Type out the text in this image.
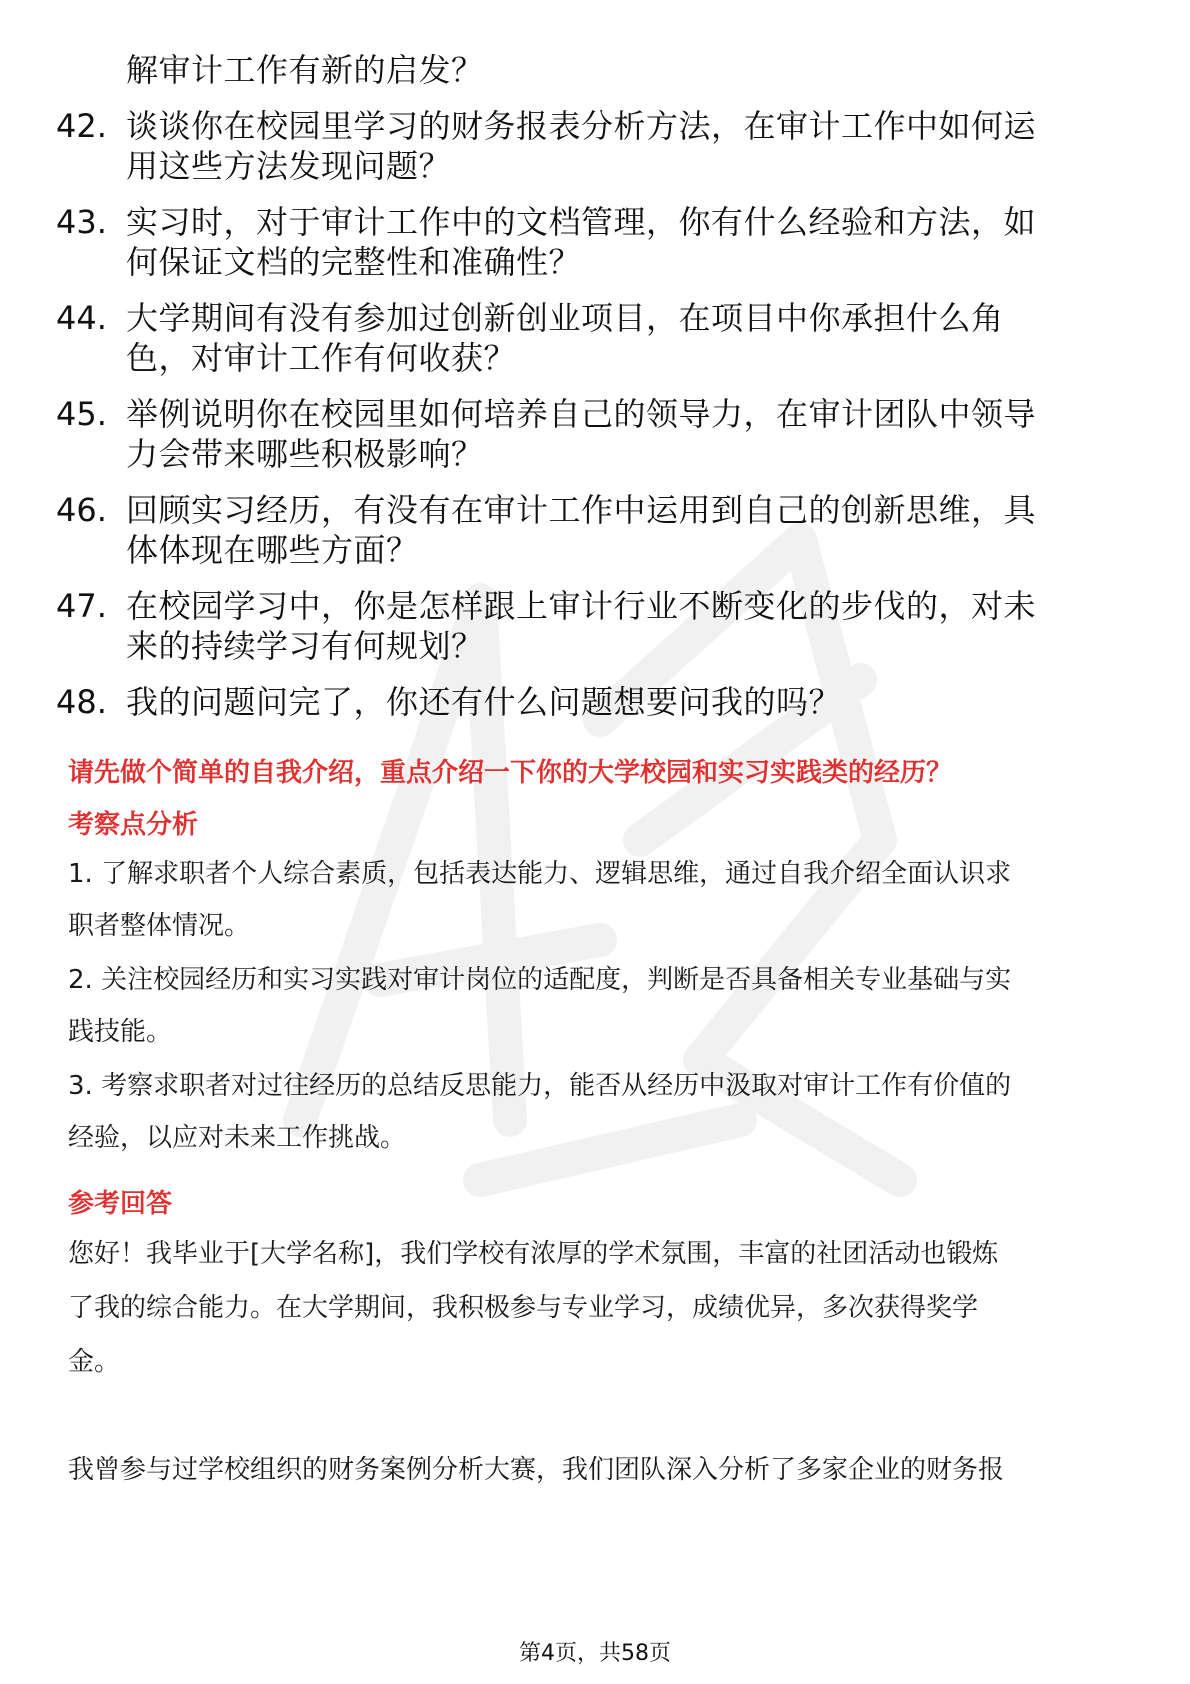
解审计工作有新的启发？
42. 谈谈你在校园里学习的财务报表分析方法，在审计工作中如何运
用这些方法发现问题？
43. 实习时，对于审计工作中的文档管理，你有什么经验和方法，如
何保证文档的完整性和准确性？
44. 大学期间有没有参加过创新创业项目，在项目中你承担什么角
色，对审计工作有何收获？
45. 举例说明你在校园里如何培养自己的领导力，在审计团队中领导
力会带来哪些积极影响？
46. 回顾实习经历，有没有在审计工作中运用到自己的创新思维，具
体体现在哪些方面？
47. 在校园学习中，你是怎样跟上审计行业不断变化的步伐的，对未
来的持续学习有何规划？
48. 我的问题问完了，你还有什么问题想要问我的吗？
请先做个简单的自我介绍，重点介绍一下你的大学校园和实习实践类的经历？
考察点分析
1. 了解求职者个人综合素质，包括表达能力、逻辑思维，通过自我介绍全面认识求
职者整体情况。
2. 关注校园经历和实习实践对审计岗位的适配度，判断是否具备相关专业基础与实
践技能。
3. 考察求职者对过往经历的总结反思能力，能否从经历中汲取对审计工作有价值的
经验，以应对未来工作挑战。
参考回答
您好！我毕业于[大学名称]，我们学校有浓厚的学术氛围，丰富的社团活动也锻炼
了我的综合能力。在大学期间，我积极参与专业学习，成绩优异，多次获得奖学
金。
我曾参与过学校组织的财务案例分析大赛，我们团队深入分析了多家企业的财务报
第4页，共58页
